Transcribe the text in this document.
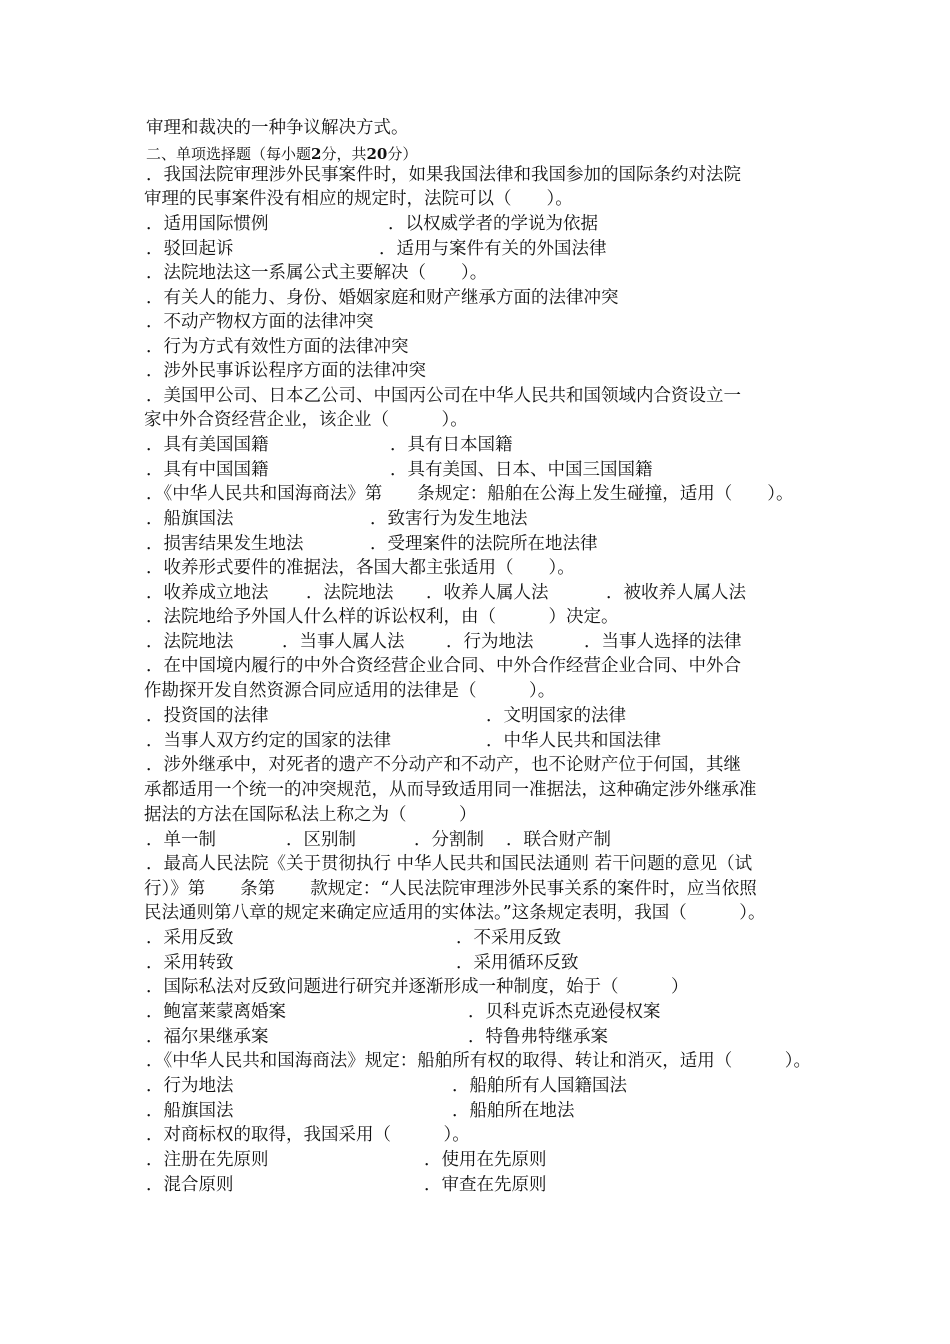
审理和裁决的一种争议解决方式。
二、单项选择题（每小题2分，共20分）
．我国法院审理涉外民事案件时，如果我国法律和我国参加的国际条约对法院
审理的民事案件没有相应的规定时，法院可以（　　）。
．适用国际惯例	．以权威学者的学说为依据
．驳回起诉	．适用与案件有关的外国法律
．法院地法这一系属公式主要解决（　　）。
．有关人的能力、身份、婚姻家庭和财产继承方面的法律冲突
．不动产物权方面的法律冲突
．行为方式有效性方面的法律冲突
．涉外民事诉讼程序方面的法律冲突
．美国甲公司、日本乙公司、中国丙公司在中华人民共和国领域内合资设立一
家中外合资经营企业，该企业（　　　）。
．具有美国国籍	．具有日本国籍
．具有中国国籍	．具有美国、日本、中国三国国籍
．《中华人民共和国海商法》第　　条规定：船舶在公海上发生碰撞，适用（　　）。
．船旗国法	．致害行为发生地法
．损害结果发生地法	．受理案件的法院所在地法律
．收养形式要件的准据法，各国大都主张适用（　　）。
．收养成立地法 ．法院地法 ．收养人属人法	．被收养人属人法
．法院地给予外国人什么样的诉讼权利，由（　　　）决定。
．法院地法	．当事人属人法 ．行为地法	．当事人选择的法律
．在中国境内履行的中外合资经营企业合同、中外合作经营企业合同、中外合
作勘探开发自然资源合同应适用的法律是（　　　）。
．投资国的法律	．文明国家的法律
．当事人双方约定的国家的法律	．中华人民共和国法律
．涉外继承中，对死者的遗产不分动产和不动产，也不论财产位于何国，其继
承都适用一个统一的冲突规范，从而导致适用同一准据法，这种确定涉外继承准
据法的方法在国际私法上称之为（　　　）
．单一制	．区别制	．分割制 ．联合财产制
．最高人民法院《关于贯彻执行 中华人民共和国民法通则 若干问题的意见（试
行）》第　　条第　　款规定：“人民法院审理涉外民事关系的案件时，应当依照
民法通则第八章的规定来确定应适用的实体法。”这条规定表明，我国（　　　）。
．采用反致	．不采用反致
．采用转致	．采用循环反致
．国际私法对反致问题进行研究并逐渐形成一种制度，始于（　　　）
．鲍富莱蒙离婚案	．贝科克诉杰克逊侵权案
．福尔果继承案	．特鲁弗特继承案
．《中华人民共和国海商法》规定：船舶所有权的取得、转让和消灭，适用（　　　）。
．行为地法	．船舶所有人国籍国法
．船旗国法	．船舶所在地法
．对商标权的取得，我国采用（　　　）。
．注册在先原则	．使用在先原则
．混合原则	．审查在先原则
